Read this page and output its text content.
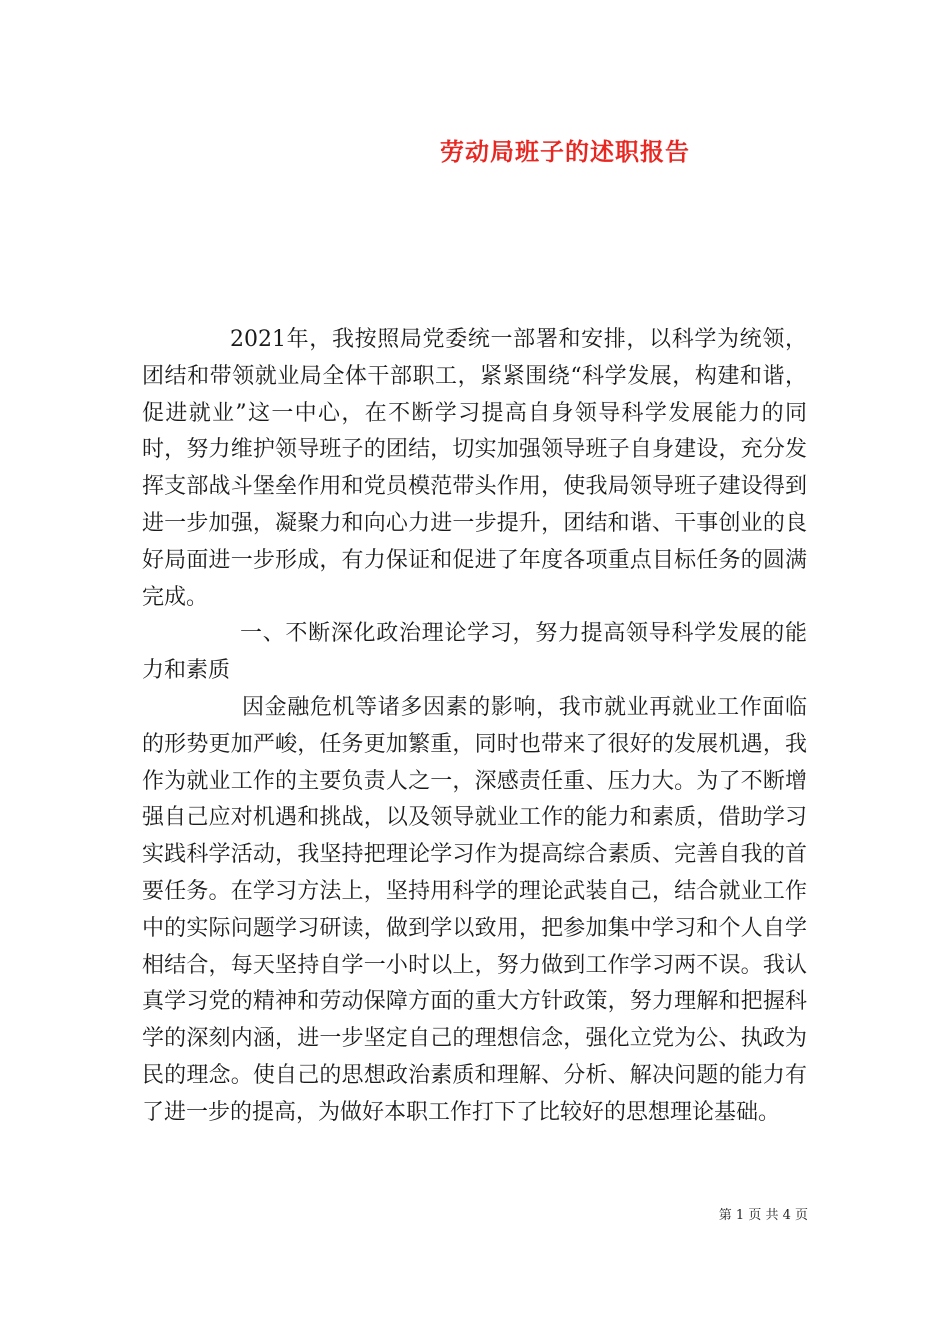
劳动局班子的述职报告

2021年，我按照局党委统一部署和安排，以科学为统领，团结和带领就业局全体干部职工，紧紧围绕“科学发展，构建和谐，促进就业”这一中心，在不断学习提高自身领导科学发展能力的同时，努力维护领导班子的团结，切实加强领导班子自身建设，充分发挥支部战斗堡垒作用和党员模范带头作用，使我局领导班子建设得到进一步加强，凝聚力和向心力进一步提升，团结和谐、干事创业的良好局面进一步形成，有力保证和促进了年度各项重点目标任务的圆满完成。

一、不断深化政治理论学习，努力提高领导科学发展的能力和素质

因金融危机等诸多因素的影响，我市就业再就业工作面临的形势更加严峻，任务更加繁重，同时也带来了很好的发展机遇，我作为就业工作的主要负责人之一，深感责任重、压力大。为了不断增强自己应对机遇和挑战，以及领导就业工作的能力和素质，借助学习实践科学活动，我坚持把理论学习作为提高综合素质、完善自我的首要任务。在学习方法上，坚持用科学的理论武装自己，结合就业工作中的实际问题学习研读，做到学以致用，把参加集中学习和个人自学相结合，每天坚持自学一小时以上，努力做到工作学习两不误。我认真学习党的精神和劳动保障方面的重大方针政策，努力理解和把握科学的深刻内涵，进一步坚定自己的理想信念，强化立党为公、执政为民的理念。使自己的思想政治素质和理解、分析、解决问题的能力有了进一步的提高，为做好本职工作打下了比较好的思想理论基础。

第 1 页 共 4 页
